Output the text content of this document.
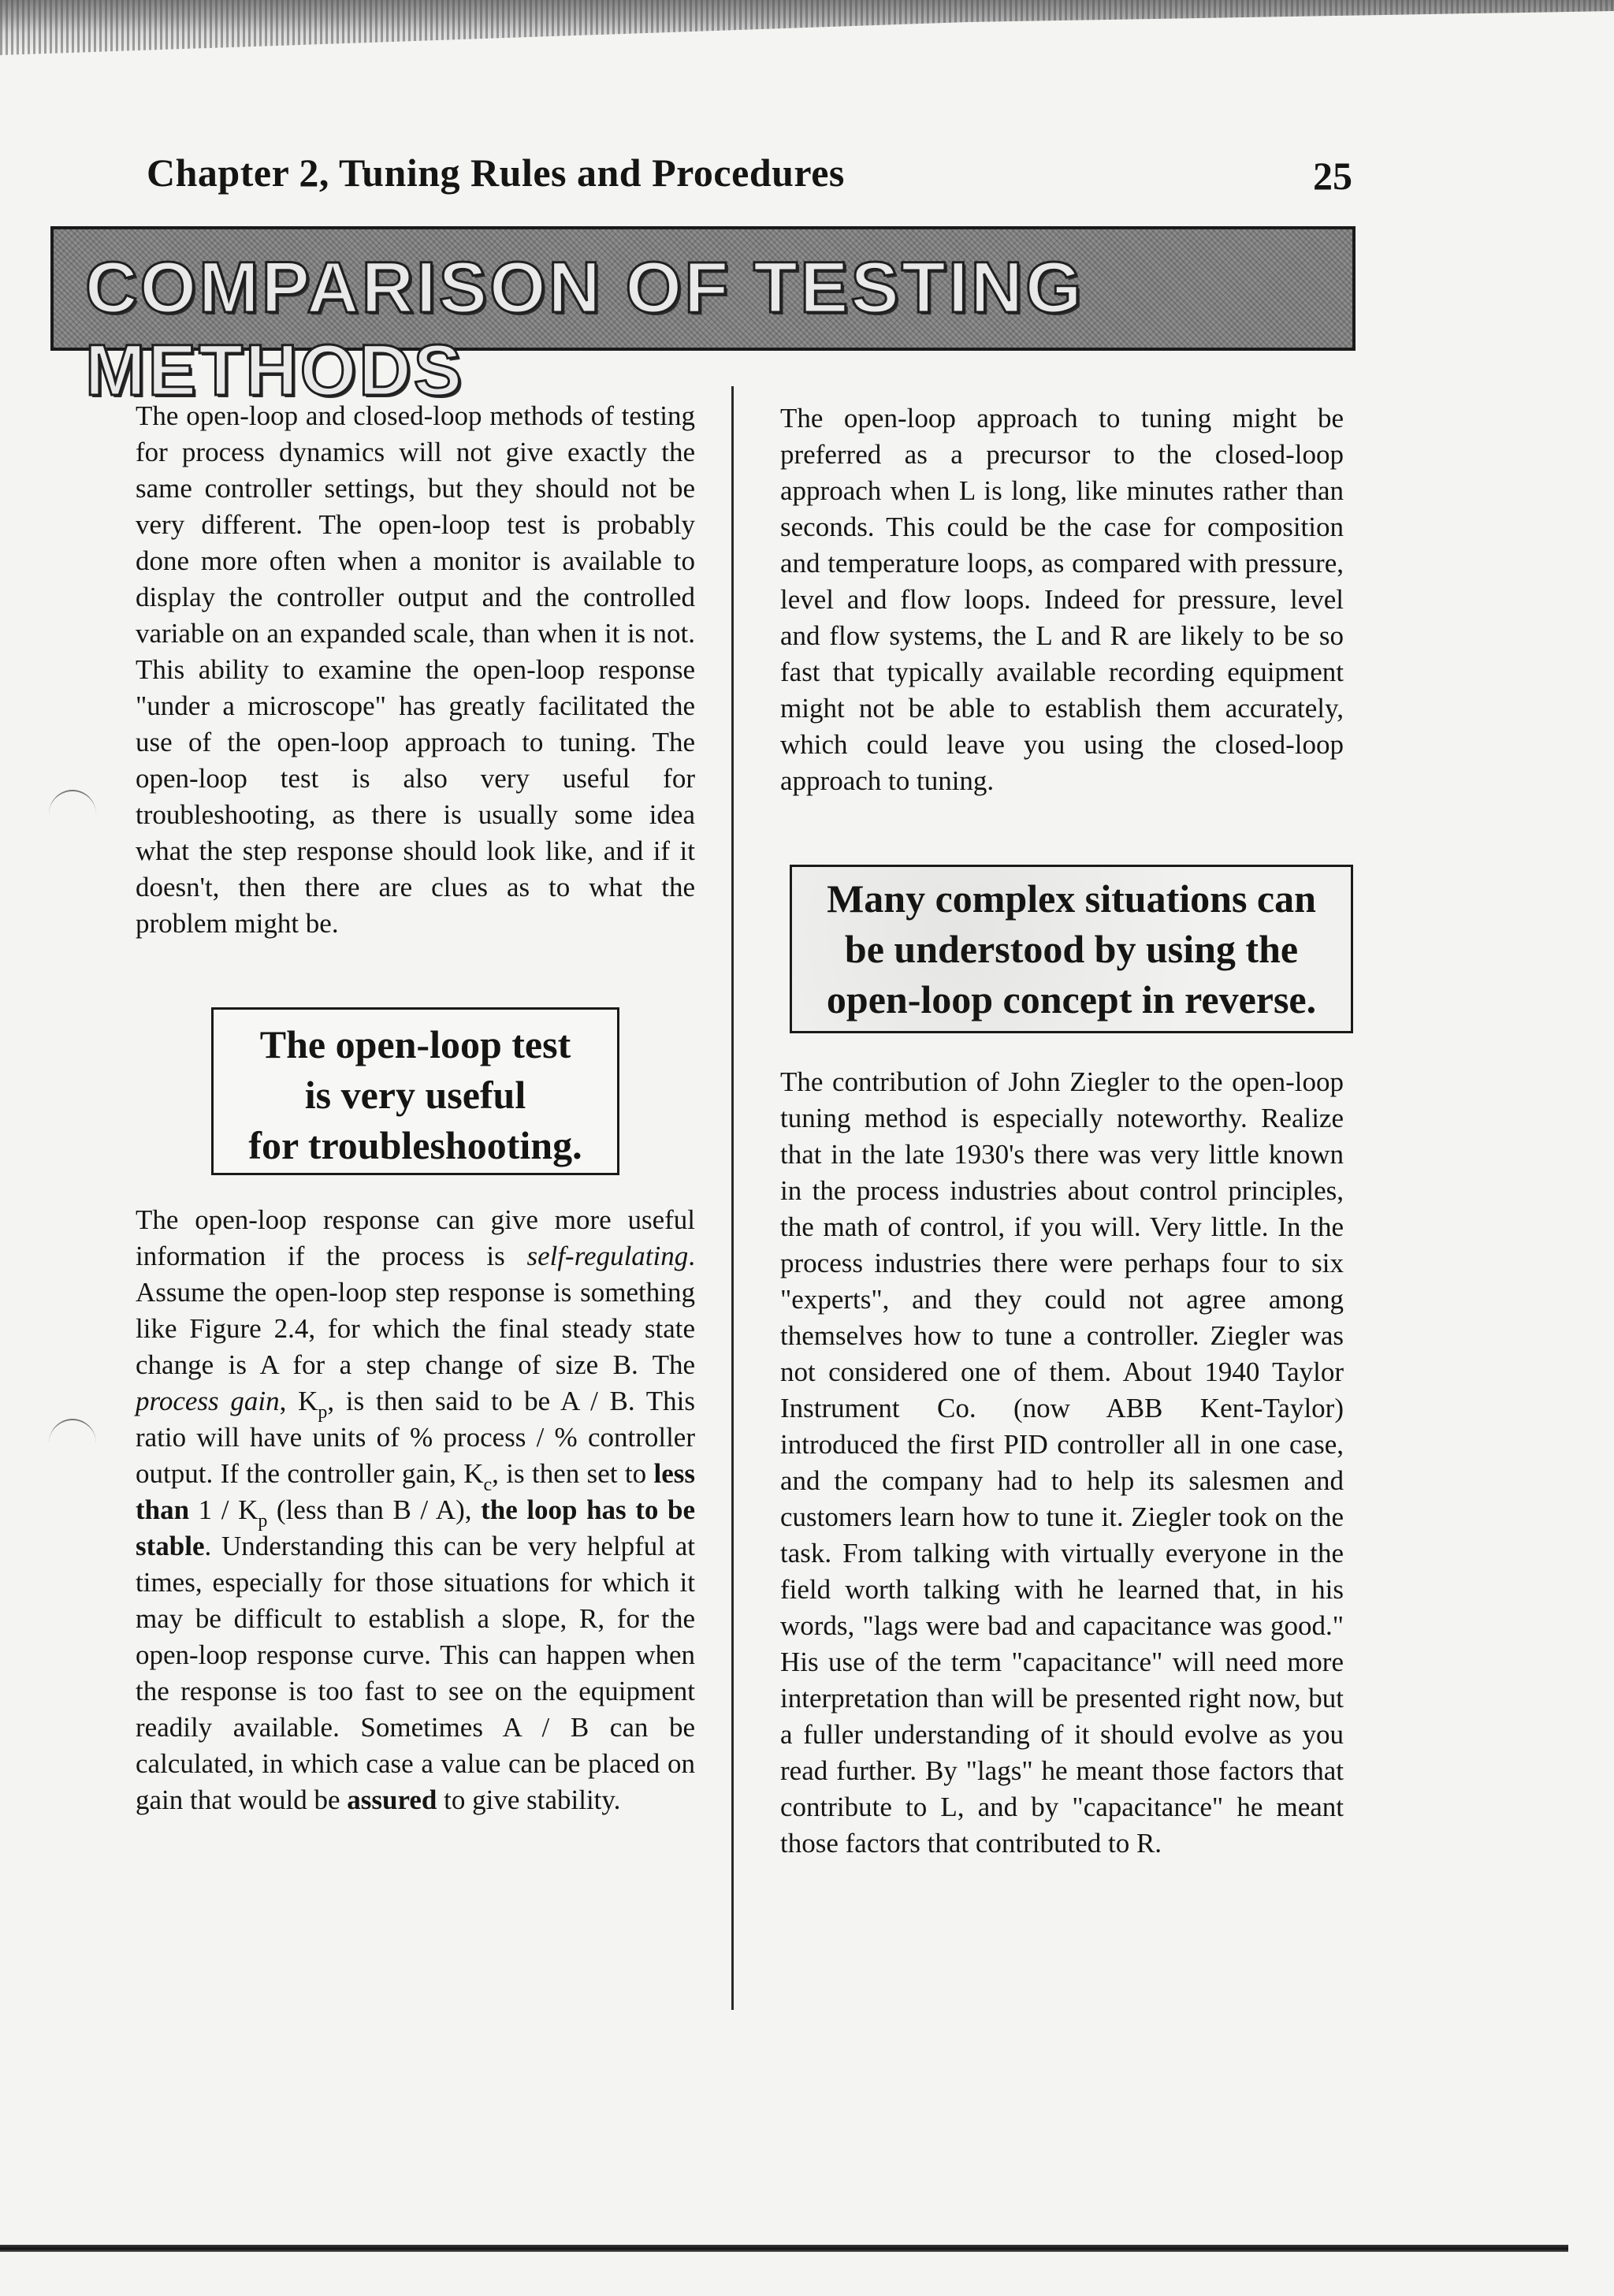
Chapter 2, Tuning Rules and Procedures	25
COMPARISON OF TESTING METHODS

The open-loop and closed-loop methods of testing for process dynamics will not give exactly the same controller settings, but they should not be very different. The open-loop test is probably done more often when a monitor is available to display the controller output and the controlled variable on an expanded scale, than when it is not. This ability to examine the open-loop response "under a microscope" has greatly facilitated the use of the open-loop approach to tuning. The open-loop test is also very useful for troubleshooting, as there is usually some idea what the step response should look like, and if it doesn't, then there are clues as to what the problem might be.

The open-loop test
is very useful
for troubleshooting.

The open-loop response can give more useful information if the process is self-regulating. Assume the open-loop step response is something like Figure 2.4, for which the final steady state change is A for a step change of size B. The process gain, $K_p$, is then said to be A / B. This ratio will have units of % process / % controller output. If the controller gain, $K_c$, is then set to less than $1 / K_p$ (less than B / A), the loop has to be stable. Understanding this can be very helpful at times, especially for those situations for which it may be difficult to establish a slope, R, for the open-loop response curve. This can happen when the response is too fast to see on the equipment readily available. Sometimes A / B can be calculated, in which case a value can be placed on gain that would be assured to give stability.

The open-loop approach to tuning might be preferred as a precursor to the closed-loop approach when L is long, like minutes rather than seconds. This could be the case for composition and temperature loops, as compared with pressure, level and flow loops. Indeed for pressure, level and flow systems, the L and R are likely to be so fast that typically available recording equipment might not be able to establish them accurately, which could leave you using the closed-loop approach to tuning.

Many complex situations can
be understood by using the
open-loop concept in reverse.

The contribution of John Ziegler to the open-loop tuning method is especially noteworthy. Realize that in the late 1930's there was very little known in the process industries about control principles, the math of control, if you will. Very little. In the process industries there were perhaps four to six "experts", and they could not agree among themselves how to tune a controller. Ziegler was not considered one of them. About 1940 Taylor Instrument Co. (now ABB Kent-Taylor) introduced the first PID controller all in one case, and the company had to help its salesmen and customers learn how to tune it. Ziegler took on the task. From talking with virtually everyone in the field worth talking with he learned that, in his words, "lags were bad and capacitance was good." His use of the term "capacitance" will need more interpretation than will be presented right now, but a fuller understanding of it should evolve as you read further. By "lags" he meant those factors that contribute to L, and by "capacitance" he meant those factors that contributed to R.
